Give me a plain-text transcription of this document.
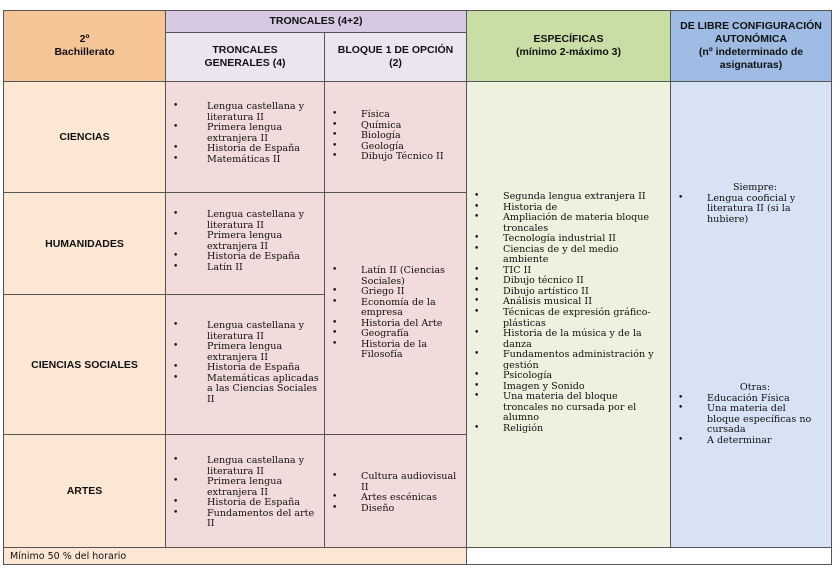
2º
Bachillerato
TRONCALES (4+2)
TRONCALES
GENERALES (4)
BLOQUE 1 DE OPCIÓN
(2)
ESPECÍFICAS
(mínimo 2-máximo 3)
DE LIBRE CONFIGURACIÓN
AUTONÓMICA
(nº indeterminado de
asignaturas)
CIENCIAS
HUMANIDADES
CIENCIAS SOCIALES
ARTES
• Lengua castellana y literatura II
• Primera lengua extranjera II
• Historia de España
• Matemáticas II
• Lengua castellana y literatura II
• Primera lengua extranjera II
• Historia de España
• Latín II
• Lengua castellana y literatura II
• Primera lengua extranjera II
• Historia de España
• Matemáticas aplicadas a las Ciencias Sociales II
• Lengua castellana y literatura II
• Primera lengua extranjera II
• Historia de España
• Fundamentos del arte II
• Física
• Química
• Biología
• Geología
• Dibujo Técnico II
• Latín II (Ciencias Sociales)
• Griego II
• Economía de la empresa
• Historia del Arte
• Geografía
• Historia de la Filosofía
• Cultura audiovisual II
• Artes escénicas
• Diseño
• Segunda lengua extranjera II
• Historia de
• Ampliación de materia bloque troncales
• Tecnología industrial II
• Ciencias de y del medio ambiente
• TIC II
• Dibujo técnico II
• Dibujo artístico II
• Análisis musical II
• Técnicas de expresión gráfico-plásticas
• Historia de la música y de la danza
• Fundamentos administración y gestión
• Psicología
• Imagen y Sonido
• Una materia del bloque troncales no cursada por el alumno
• Religión
Siempre:
• Lengua cooficial y literatura II (si la hubiere)
Otras:
• Educación Física
• Una materia del bloque específicas no cursada
• A determinar
Mínimo 50 % del horario
